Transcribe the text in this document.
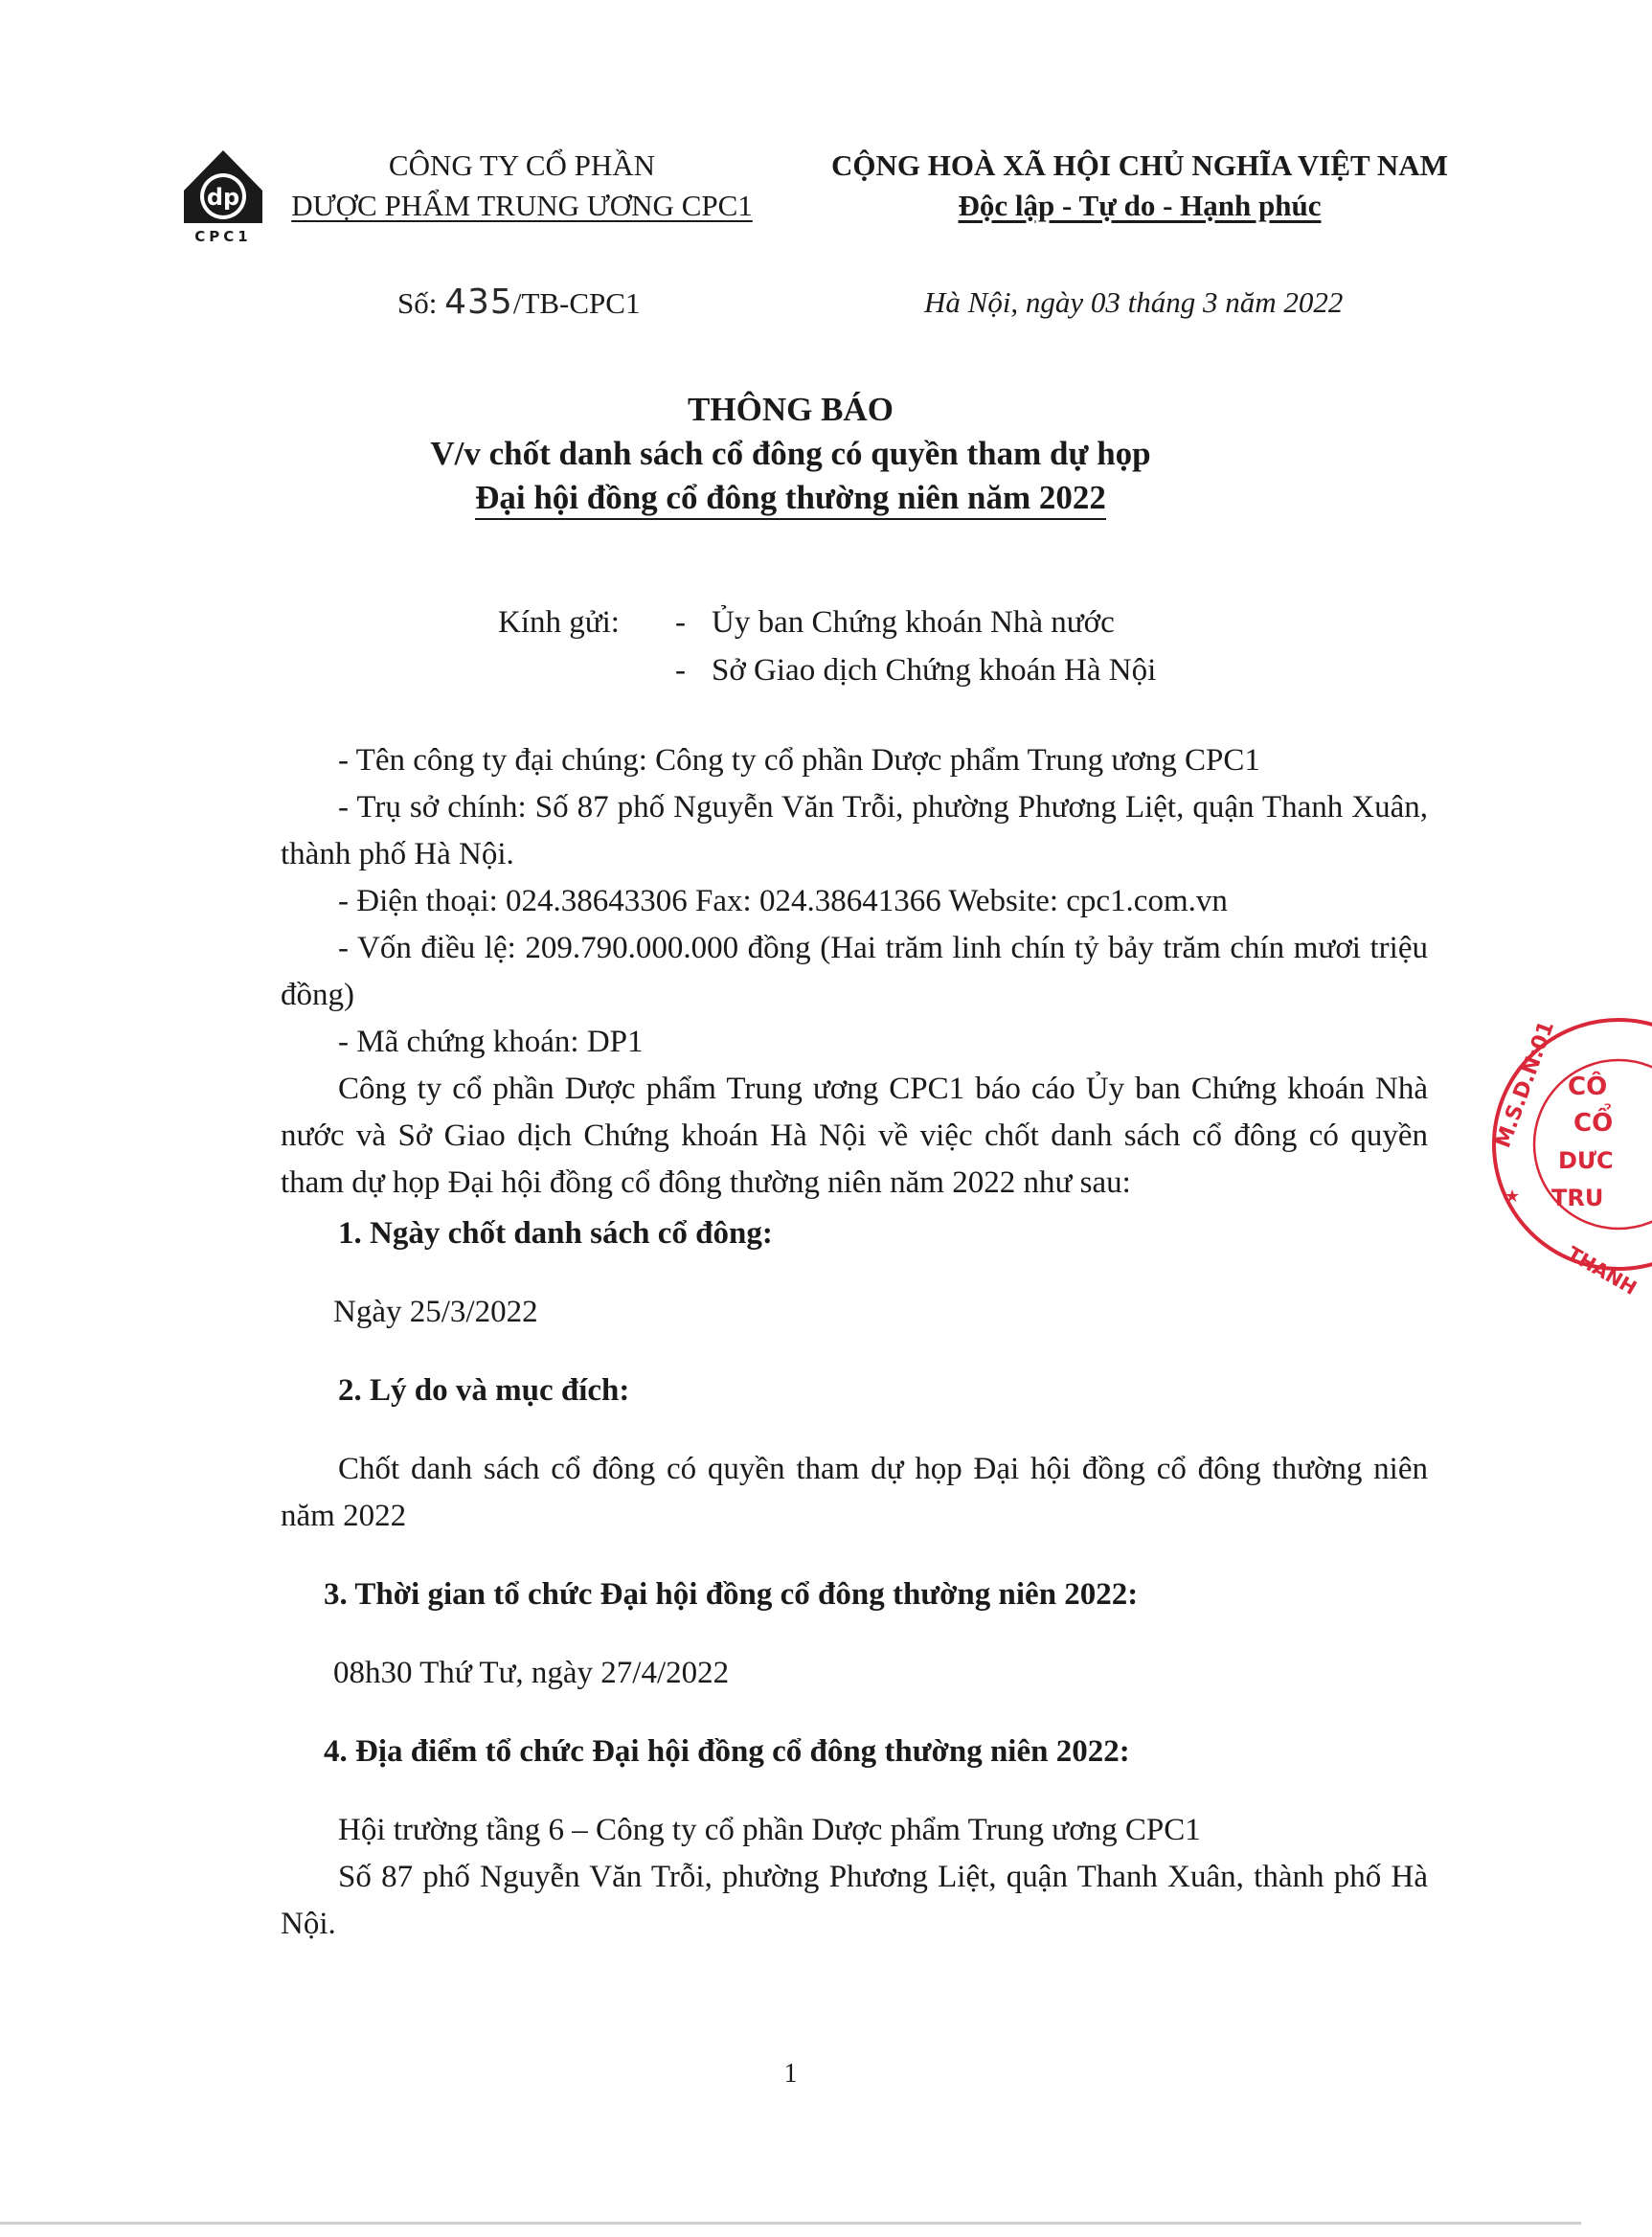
dp
CPC1
CÔNG TY CỔ PHẦN
DƯỢC PHẨM TRUNG ƯƠNG CPC1
CỘNG HOÀ XÃ HỘI CHỦ NGHĨA VIỆT NAM
Độc lập - Tự do - Hạnh phúc
Số: 435/TB-CPC1	Hà Nội, ngày 03 tháng 3 năm 2022
THÔNG BÁO
V/v chốt danh sách cổ đông có quyền tham dự họp
Đại hội đồng cổ đông thường niên năm 2022
Kính gửi: - Ủy ban Chứng khoán Nhà nước
- Sở Giao dịch Chứng khoán Hà Nội

- Tên công ty đại chúng: Công ty cổ phần Dược phẩm Trung ương CPC1

- Trụ sở chính: Số 87 phố Nguyễn Văn Trỗi, phường Phương Liệt, quận Thanh Xuân, thành phố Hà Nội.

- Điện thoại: 024.38643306 Fax: 024.38641366 Website: cpc1.com.vn

- Vốn điều lệ: 209.790.000.000 đồng (Hai trăm linh chín tỷ bảy trăm chín mươi triệu đồng)

- Mã chứng khoán: DP1

Công ty cổ phần Dược phẩm Trung ương CPC1 báo cáo Ủy ban Chứng khoán Nhà nước và Sở Giao dịch Chứng khoán Hà Nội về việc chốt danh sách cổ đông có quyền tham dự họp Đại hội đồng cổ đông thường niên năm 2022 như sau:

1. Ngày chốt danh sách cổ đông:

Ngày 25/3/2022

2. Lý do và mục đích:

Chốt danh sách cổ đông có quyền tham dự họp Đại hội đồng cổ đông thường niên năm 2022

3. Thời gian tổ chức Đại hội đồng cổ đông thường niên 2022:

08h30 Thứ Tư, ngày 27/4/2022

4. Địa điểm tổ chức Đại hội đồng cổ đông thường niên 2022:

Hội trường tầng 6 – Công ty cổ phần Dược phẩm Trung ương CPC1

Số 87 phố Nguyễn Văn Trỗi, phường Phương Liệt, quận Thanh Xuân, thành phố Hà Nội.

M.S.D.N:01 CÔ
CỔ
DƯC
TRU
THANH
★
1
